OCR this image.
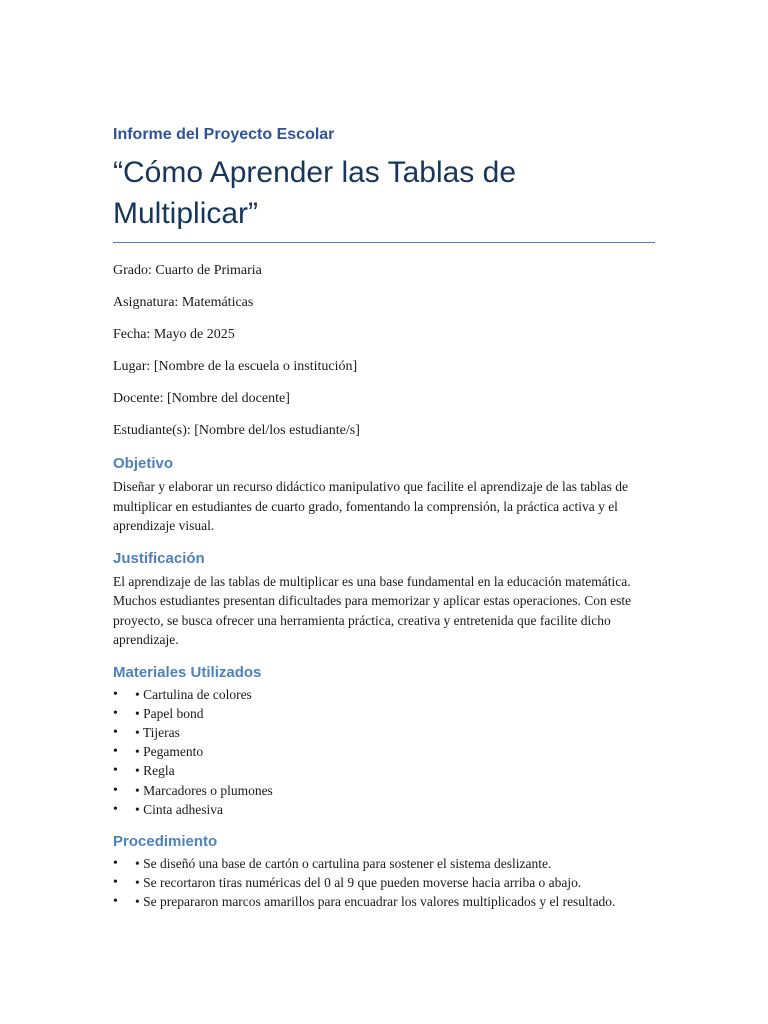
Informe del Proyecto Escolar
“Cómo Aprender las Tablas de
Multiplicar”

Grado: Cuarto de Primaria

Asignatura: Matemáticas

Fecha: Mayo de 2025

Lugar: [Nombre de la escuela o institución]

Docente: [Nombre del docente]

Estudiante(s): [Nombre del/los estudiante/s]

Objetivo

Diseñar y elaborar un recurso didáctico manipulativo que facilite el aprendizaje de las tablas de multiplicar en estudiantes de cuarto grado, fomentando la comprensión, la práctica activa y el aprendizaje visual.

Justificación

El aprendizaje de las tablas de multiplicar es una base fundamental en la educación matemática. Muchos estudiantes presentan dificultades para memorizar y aplicar estas operaciones. Con este proyecto, se busca ofrecer una herramienta práctica, creativa y entretenida que facilite dicho aprendizaje.

Materiales Utilizados
• • Cartulina de colores
• • Papel bond
• • Tijeras
• • Pegamento
• • Regla
• • Marcadores o plumones
• • Cinta adhesiva
Procedimiento
• • Se diseñó una base de cartón o cartulina para sostener el sistema deslizante.
• • Se recortaron tiras numéricas del 0 al 9 que pueden moverse hacia arriba o abajo.
• • Se prepararon marcos amarillos para encuadrar los valores multiplicados y el resultado.
